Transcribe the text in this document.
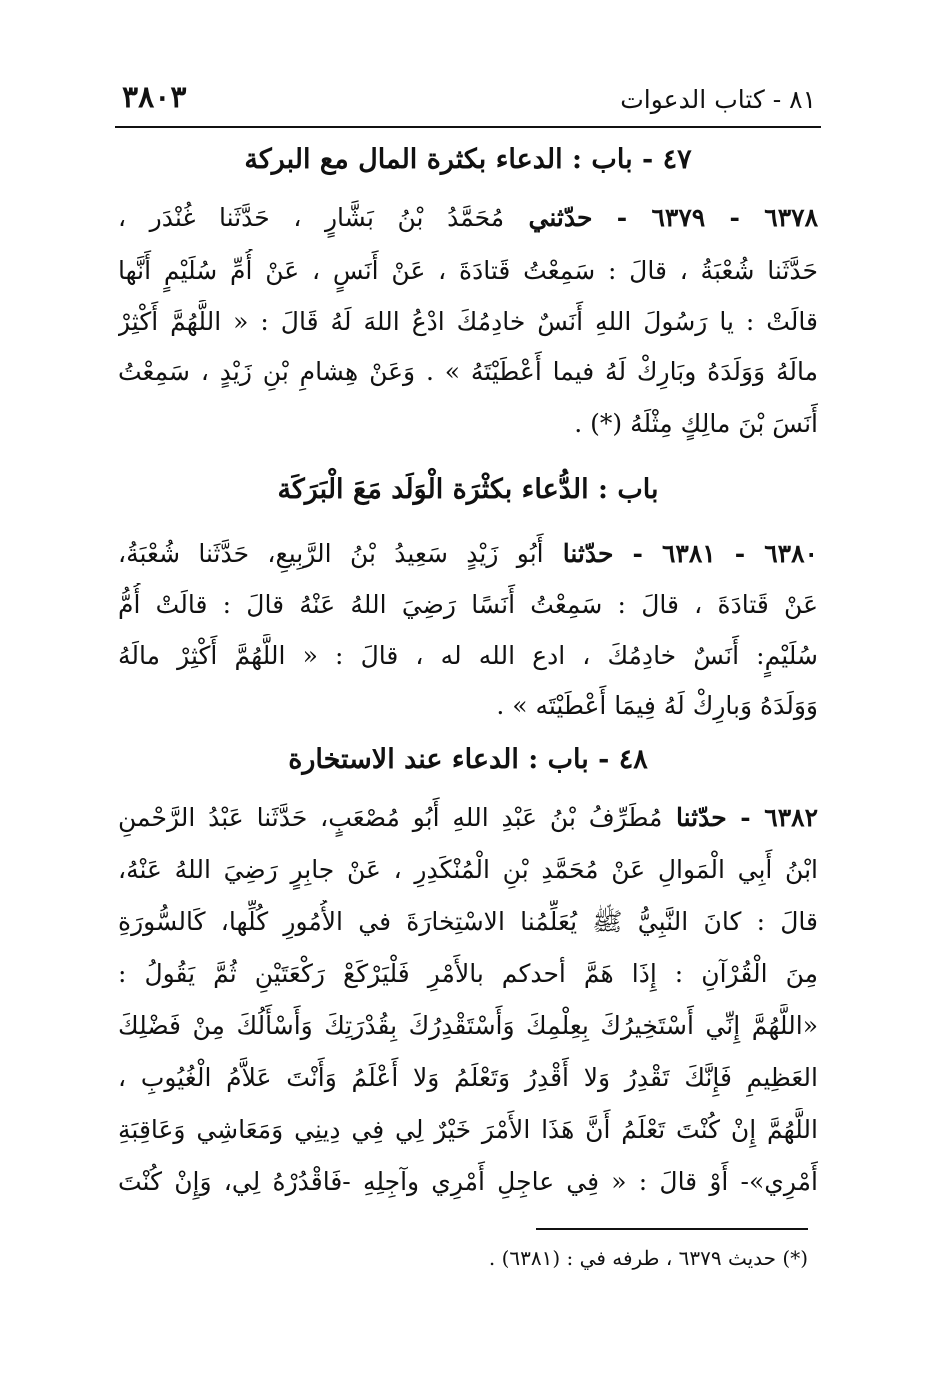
٣٨٠٣	٨١ - كتاب الدعوات
٤٧ - باب : الدعاء بكثرة المال مع البركة
٦٣٧٨ - ٦٣٧٩ - حدّثني مُحَمَّدُ بْنُ بَشَّارٍ ، حَدَّثَنا غُنْدَر ،
حَدَّثَنا شُعْبَةُ ، قالَ : سَمِعْتُ قَتادَةَ ، عَنْ أَنَسٍ ، عَنْ أُمِّ سُلَيْمٍ أَنَّها
قالَتْ : يا رَسُولَ اللهِ أَنَسٌ خادِمُكَ ادْعُ اللهَ لَهُ قَالَ : « اللَّهُمَّ أَكْثِرْ
مالَهُ وَوَلَدَهُ وبَارِكْ لَهُ فيما أَعْطَيْتَهُ » . وَعَنْ هِشامِ بْنِ زَيْدٍ ، سَمِعْتُ
أَنَسَ بْنَ مالِكٍ مِثْلَهُ (*) .
باب : الدُّعاء بكثْرَة الْوَلَد مَعَ الْبَرَكَة
٦٣٨٠ - ٦٣٨١ - حدّثنا أَبُو زَيْدٍ سَعِيدُ بْنُ الرَّبِيعِ، حَدَّثَنا شُعْبَةُ،
عَنْ قَتادَةَ ، قالَ : سَمِعْتُ أَنَسًا رَضِيَ اللهُ عَنْهُ قالَ : قالَتْ أُمُّ
سُلَيْمٍ: أَنَسٌ خادِمُكَ ، ادع الله له ، قالَ : « اللَّهُمَّ أَكْثِرْ مالَهُ
وَوَلَدَهُ وَبارِكْ لَهُ فِيمَا أَعْطَيْتَه » .
٤٨ - باب : الدعاء عند الاستخارة
٦٣٨٢ - حدّثنا مُطَرِّفُ بْنُ عَبْدِ اللهِ أَبُو مُصْعَبٍ، حَدَّثَنا عَبْدُ الرَّحْمنِ
ابْنُ أَبِي الْمَوالِ عَنْ مُحَمَّدِ بْنِ الْمُنْكَدِرِ ، عَنْ جابِرٍ رَضِيَ اللهُ عَنْهُ،
قالَ : كانَ النَّبِيُّ ﷺ يُعَلِّمُنا الاسْتِخارَةَ في الأُمُورِ كُلِّها، كَالسُّورَةِ
مِنَ الْقُرْآنِ : إِذَا هَمَّ أحدكم بالأَمْرِ فَلْيَرْكَعْ رَكْعَتَيْنِ ثُمَّ يَقُولُ :
«اللَّهُمَّ إِنِّي أَسْتَخِيرُكَ بِعِلْمِكَ وَأَسْتَقْدِرُكَ بِقُدْرَتِكَ وَأَسْأَلُكَ مِنْ فَضْلِكَ
العَظِيمِ فَإِنَّكَ تَقْدِرُ وَلا أَقْدِرُ وَتَعْلَمُ وَلا أَعْلَمُ وَأَنْتَ عَلاَّمُ الْغُيُوبِ ،
اللَّهُمَّ إِنْ كُنْتَ تَعْلَمُ أَنَّ هَذَا الأَمْرَ خَيْرٌ لِي فِي دِينِي وَمَعَاشِي وَعَاقِبَةِ
أَمْرِي»- أَوْ قالَ : « فِي عاجِلِ أَمْرِي وآجِلِهِ -فَاقْدُرْهُ لِي، وَإِنْ كُنْتَ
(*) حديث ٦٣٧٩ ، طرفه في : (٦٣٨١) .
